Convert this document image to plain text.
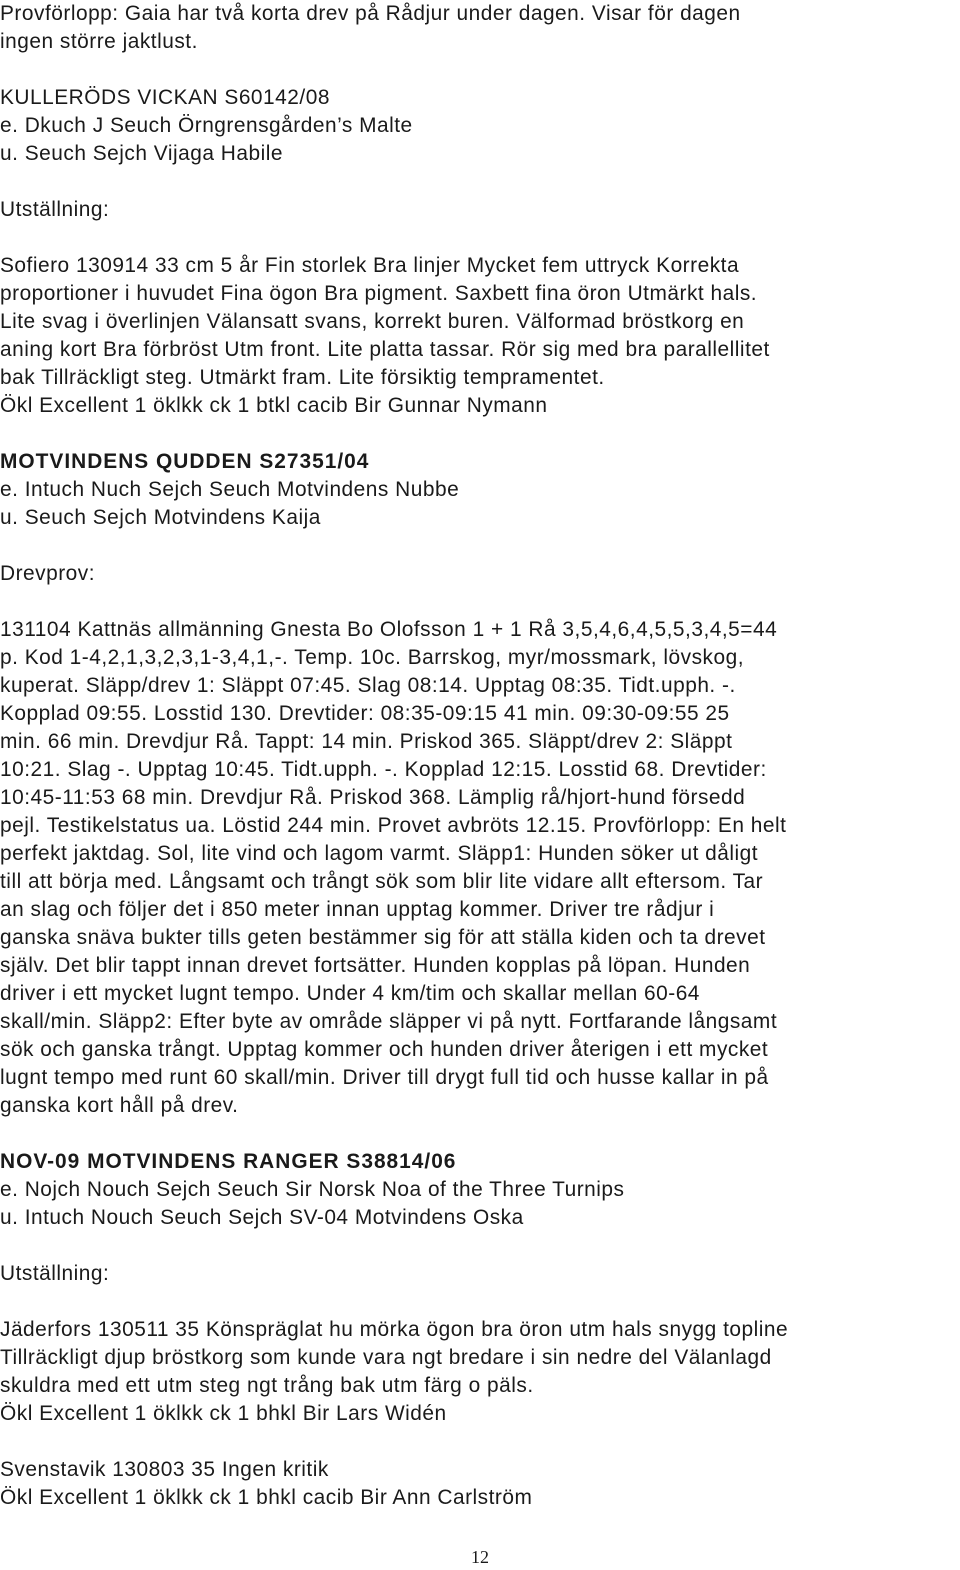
Provförlopp: Gaia har två korta drev på Rådjur under dagen. Visar för dagen
ingen större jaktlust.
KULLERÖDS VICKAN S60142/08
e. Dkuch J Seuch Örngrensgården’s Malte
u. Seuch Sejch Vijaga Habile
Utställning:
Sofiero 130914 33 cm 5 år Fin storlek Bra linjer Mycket fem uttryck Korrekta
proportioner i huvudet Fina ögon Bra pigment. Saxbett fina öron Utmärkt hals.
Lite svag i överlinjen Välansatt svans, korrekt buren. Välformad bröstkorg en
aning kort Bra förbröst Utm front. Lite platta tassar. Rör sig med bra parallellitet
bak Tillräckligt steg. Utmärkt fram. Lite försiktig tempramentet.
Ökl Excellent 1 öklkk ck 1 btkl cacib Bir Gunnar Nymann
MOTVINDENS QUDDEN S27351/04
e. Intuch Nuch Sejch Seuch Motvindens Nubbe
u. Seuch Sejch Motvindens Kaija
Drevprov:
131104 Kattnäs allmänning Gnesta Bo Olofsson 1 + 1 Rå 3,5,4,6,4,5,5,3,4,5=44
p. Kod 1-4,2,1,3,2,3,1-3,4,1,-. Temp. 10c. Barrskog, myr/mossmark, lövskog,
kuperat. Släpp/drev 1: Släppt 07:45. Slag 08:14. Upptag 08:35. Tidt.upph. -.
Kopplad 09:55. Losstid 130. Drevtider: 08:35-09:15 41 min. 09:30-09:55 25
min. 66 min. Drevdjur Rå. Tappt: 14 min. Priskod 365. Släppt/drev 2: Släppt
10:21. Slag -. Upptag 10:45. Tidt.upph. -. Kopplad 12:15. Losstid 68. Drevtider:
10:45-11:53 68 min. Drevdjur Rå. Priskod 368. Lämplig rå/hjort-hund försedd
pejl. Testikelstatus ua. Löstid 244 min. Provet avbröts 12.15. Provförlopp: En helt
perfekt jaktdag. Sol, lite vind och lagom varmt. Släpp1: Hunden söker ut dåligt
till att börja med. Långsamt och trångt sök som blir lite vidare allt eftersom. Tar
an slag och följer det i 850 meter innan upptag kommer. Driver tre rådjur i
ganska snäva bukter tills geten bestämmer sig för att ställa kiden och ta drevet
själv. Det blir tappt innan drevet fortsätter. Hunden kopplas på löpan. Hunden
driver i ett mycket lugnt tempo. Under 4 km/tim och skallar mellan 60-64
skall/min. Släpp2: Efter byte av område släpper vi på nytt. Fortfarande långsamt
sök och ganska trångt. Upptag kommer och hunden driver återigen i ett mycket
lugnt tempo med runt 60 skall/min. Driver till drygt full tid och husse kallar in på
ganska kort håll på drev.
NOV-09 MOTVINDENS RANGER S38814/06
e. Nojch Nouch Sejch Seuch Sir Norsk Noa of the Three Turnips
u. Intuch Nouch Seuch Sejch SV-04 Motvindens Oska
Utställning:
Jäderfors 130511 35 Könspräglat hu mörka ögon bra öron utm hals snygg topline
Tillräckligt djup bröstkorg som kunde vara ngt bredare i sin nedre del Välanlagd
skuldra med ett utm steg ngt trång bak utm färg o päls.
Ökl Excellent 1 öklkk ck 1 bhkl Bir Lars Widén
Svenstavik 130803 35 Ingen kritik
Ökl Excellent 1 öklkk ck 1 bhkl cacib Bir Ann Carlström
12
